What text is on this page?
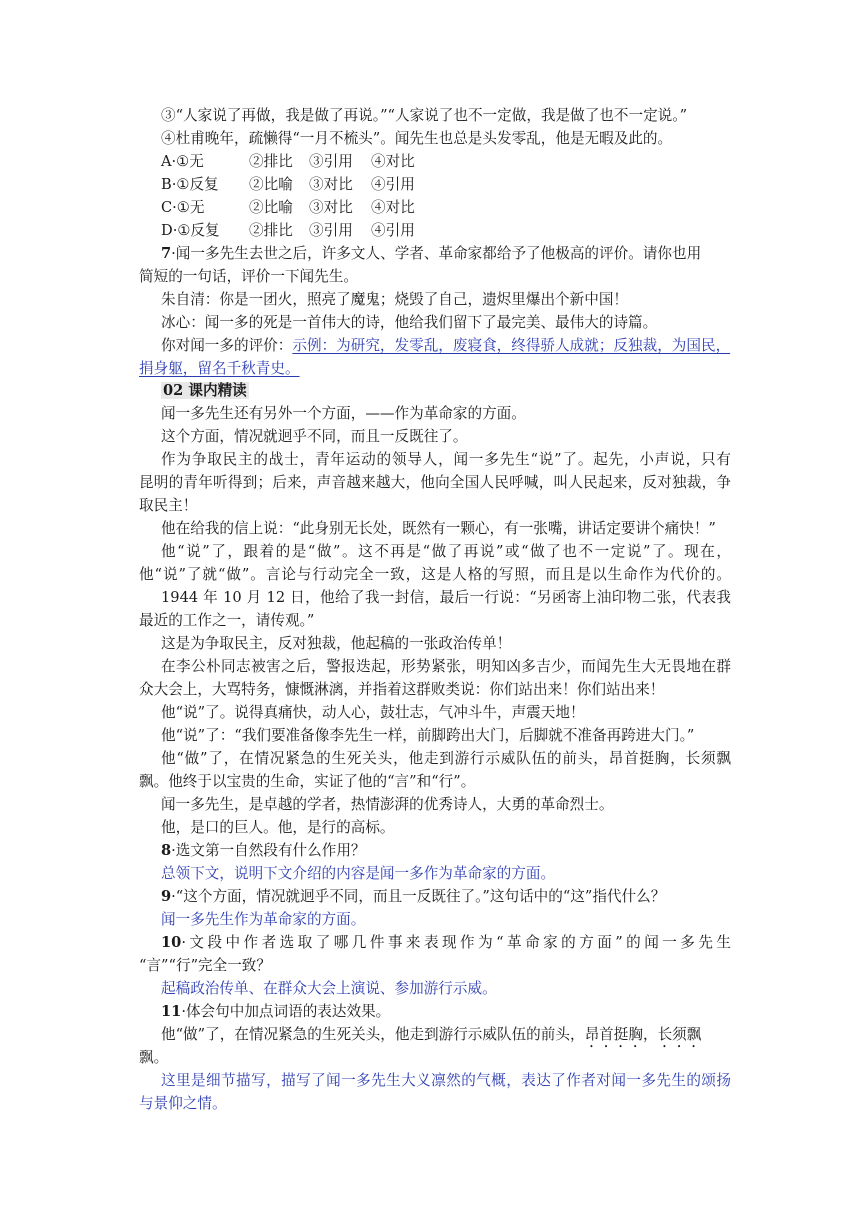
③“人家说了再做，我是做了再说。”“人家说了也不一定做，我是做了也不一定说。”
④杜甫晚年，疏懒得“一月不梳头”。闻先生也总是头发零乱，他是无暇及此的。
A·①无	②排比 ③引用 ④对比
B·①反复 ②比喻 ③对比 ④引用
C·①无	②比喻 ③对比 ④对比
D·①反复 ②排比 ③引用 ④引用
7·闻一多先生去世之后，许多文人、学者、革命家都给予了他极高的评价。请你也用
简短的一句话，评价一下闻先生。
朱自清：你是一团火，照亮了魔鬼；烧毁了自己，遗烬里爆出个新中国！
冰心：闻一多的死是一首伟大的诗，他给我们留下了最完美、最伟大的诗篇。
你对闻一多的评价：示例：为研究，发零乱，废寝食，终得骄人成就；反独裁，为国民，
捐身躯，留名千秋青史。
02 课内精读
闻一多先生还有另外一个方面，——作为革命家的方面。
这个方面，情况就迥乎不同，而且一反既往了。
作为争取民主的战士，青年运动的领导人，闻一多先生“说”了。起先，小声说，只有
昆明的青年听得到；后来，声音越来越大，他向全国人民呼喊，叫人民起来，反对独裁，争
取民主！
他在给我的信上说：“此身别无长处，既然有一颗心，有一张嘴，讲话定要讲个痛快！”
他“说”了，跟着的是“做”。这不再是“做了再说”或“做了也不一定说”了。现在，
他“说”了就“做”。言论与行动完全一致，这是人格的写照，而且是以生命作为代价的。
1944 年 10 月 12 日，他给了我一封信，最后一行说：“另函寄上油印物二张，代表我
最近的工作之一，请传观。”
这是为争取民主，反对独裁，他起稿的一张政治传单！
在李公朴同志被害之后，警报迭起，形势紧张，明知凶多吉少，而闻先生大无畏地在群
众大会上，大骂特务，慷慨淋漓，并指着这群败类说：你们站出来！你们站出来！
他“说”了。说得真痛快，动人心，鼓壮志，气冲斗牛，声震天地！
他“说”了：“我们要准备像李先生一样，前脚跨出大门，后脚就不准备再跨进大门。”
他“做”了，在情况紧急的生死关头，他走到游行示威队伍的前头，昂首挺胸，长须飘
飘。他终于以宝贵的生命，实证了他的“言”和“行”。
闻一多先生，是卓越的学者，热情澎湃的优秀诗人，大勇的革命烈士。
他，是口的巨人。他，是行的高标。
8·选文第一自然段有什么作用？
总领下文，说明下文介绍的内容是闻一多作为革命家的方面。
9·“这个方面，情况就迥乎不同，而且一反既往了。”这句话中的“这”指代什么？
闻一多先生作为革命家的方面。
10·文段中作者选取了哪几件事来表现作为“革命家的方面”的闻一多先生
“言”“行”完全一致？
起稿政治传单、在群众大会上演说、参加游行示威。
11·体会句中加点词语的表达效果。
他“做”了，在情况紧急的生死关头，他走到游行示威队伍的前头，昂首挺胸，长须飘
飘。
这里是细节描写，描写了闻一多先生大义凛然的气概，表达了作者对闻一多先生的颂扬
与景仰之情。
